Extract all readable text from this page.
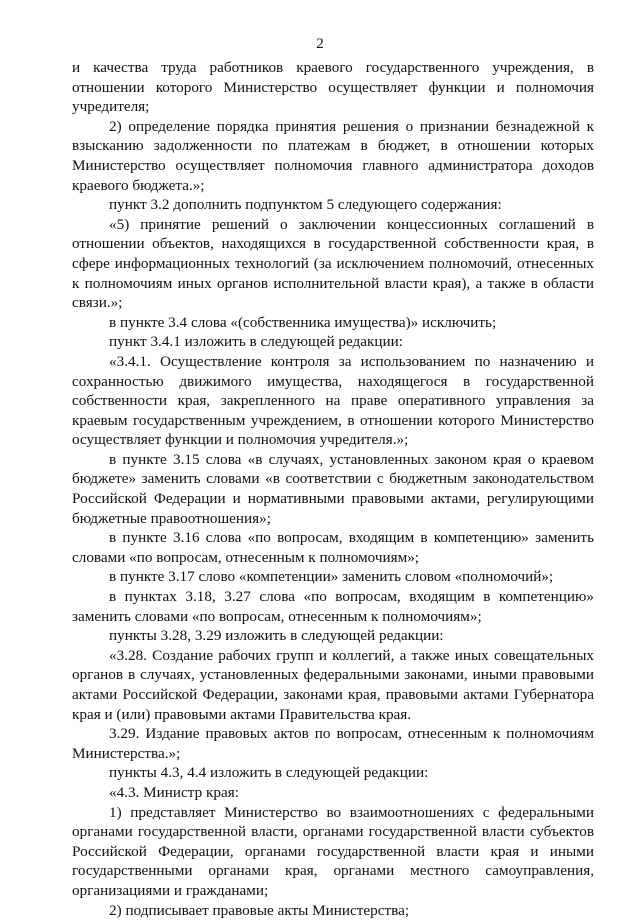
2

и качества труда работников краевого государственного учреждения, в отношении которого Министерство осуществляет функции и полномочия учредителя;

2) определение порядка принятия решения о признании безнадежной к взысканию задолженности по платежам в бюджет, в отношении которых Министерство осуществляет полномочия главного администратора доходов краевого бюджета.»;

пункт 3.2 дополнить подпунктом 5 следующего содержания:

«5) принятие решений о заключении концессионных соглашений в отношении объектов, находящихся в государственной собственности края, в сфере информационных технологий (за исключением полномочий, отнесенных к полномочиям иных органов исполнительной власти края), а также в области связи.»;

в пункте 3.4 слова «(собственника имущества)» исключить;

пункт 3.4.1 изложить в следующей редакции:

«3.4.1. Осуществление контроля за использованием по назначению и сохранностью движимого имущества, находящегося в государственной собственности края, закрепленного на праве оперативного управления за краевым государственным учреждением, в отношении которого Министерство осуществляет функции и полномочия учредителя.»;

в пункте 3.15 слова «в случаях, установленных законом края о краевом бюджете» заменить словами «в соответствии с бюджетным законодательством Российской Федерации и нормативными правовыми актами, регулирующими бюджетные правоотношения»;

в пункте 3.16 слова «по вопросам, входящим в компетенцию» заменить словами «по вопросам, отнесенным к полномочиям»;

в пункте 3.17 слово «компетенции» заменить словом «полномочий»;

в пунктах 3.18, 3.27 слова «по вопросам, входящим в компетенцию» заменить словами «по вопросам, отнесенным к полномочиям»;

пункты 3.28, 3.29 изложить в следующей редакции:

«3.28. Создание рабочих групп и коллегий, а также иных совещательных органов в случаях, установленных федеральными законами, иными правовыми актами Российской Федерации, законами края, правовыми актами Губернатора края и (или) правовыми актами Правительства края.

3.29. Издание правовых актов по вопросам, отнесенным к полномочиям Министерства.»;

пункты 4.3, 4.4 изложить в следующей редакции:

«4.3. Министр края:

1) представляет Министерство во взаимоотношениях с федеральными органами государственной власти, органами государственной власти субъектов Российской Федерации, органами государственной власти края и иными государственными органами края, органами местного самоуправления, организациями и гражданами;

2) подписывает правовые акты Министерства;
